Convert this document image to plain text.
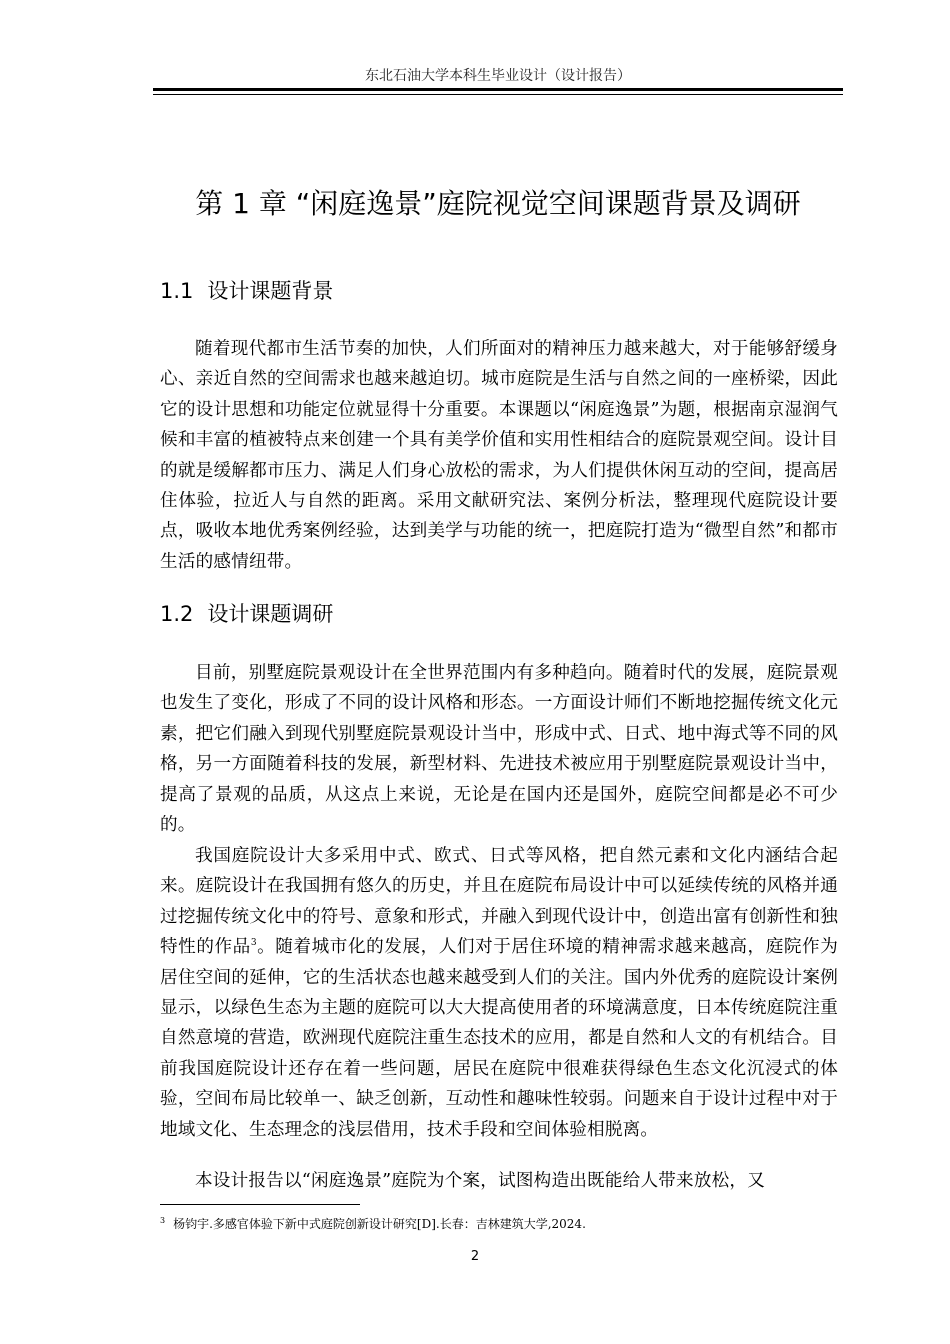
东北石油大学本科生毕业设计（设计报告）
第 1 章 “闲庭逸景”庭院视觉空间课题背景及调研
1.1 设计课题背景

随着现代都市生活节奏的加快，人们所面对的精神压力越来越大，对于能够舒缓身心、亲近自然的空间需求也越来越迫切。城市庭院是生活与自然之间的一座桥梁，因此它的设计思想和功能定位就显得十分重要。本课题以“闲庭逸景”为题，根据南京湿润气候和丰富的植被特点来创建一个具有美学价值和实用性相结合的庭院景观空间。设计目的就是缓解都市压力、满足人们身心放松的需求，为人们提供休闲互动的空间，提高居住体验，拉近人与自然的距离。采用文献研究法、案例分析法，整理现代庭院设计要点，吸收本地优秀案例经验，达到美学与功能的统一，把庭院打造为“微型自然”和都市生活的感情纽带。

1.2 设计课题调研

目前，别墅庭院景观设计在全世界范围内有多种趋向。随着时代的发展，庭院景观也发生了变化，形成了不同的设计风格和形态。一方面设计师们不断地挖掘传统文化元素，把它们融入到现代别墅庭院景观设计当中，形成中式、日式、地中海式等不同的风格，另一方面随着科技的发展，新型材料、先进技术被应用于别墅庭院景观设计当中，提高了景观的品质，从这点上来说，无论是在国内还是国外，庭院空间都是必不可少的。

我国庭院设计大多采用中式、欧式、日式等风格，把自然元素和文化内涵结合起来。庭院设计在我国拥有悠久的历史，并且在庭院布局设计中可以延续传统的风格并通过挖掘传统文化中的符号、意象和形式，并融入到现代设计中，创造出富有创新性和独特性的作品$^3$。随着城市化的发展，人们对于居住环境的精神需求越来越高，庭院作为居住空间的延伸，它的生活状态也越来越受到人们的关注。国内外优秀的庭院设计案例显示，以绿色生态为主题的庭院可以大大提高使用者的环境满意度，日本传统庭院注重自然意境的营造，欧洲现代庭院注重生态技术的应用，都是自然和人文的有机结合。目前我国庭院设计还存在着一些问题，居民在庭院中很难获得绿色生态文化沉浸式的体验，空间布局比较单一、缺乏创新，互动性和趣味性较弱。问题来自于设计过程中对于地域文化、生态理念的浅层借用，技术手段和空间体验相脱离。

本设计报告以“闲庭逸景”庭院为个案，试图构造出既能给人带来放松，又

$^3$ 杨钧宇.多感官体验下新中式庭院创新设计研究[D].长春：吉林建筑大学,2024.

2
